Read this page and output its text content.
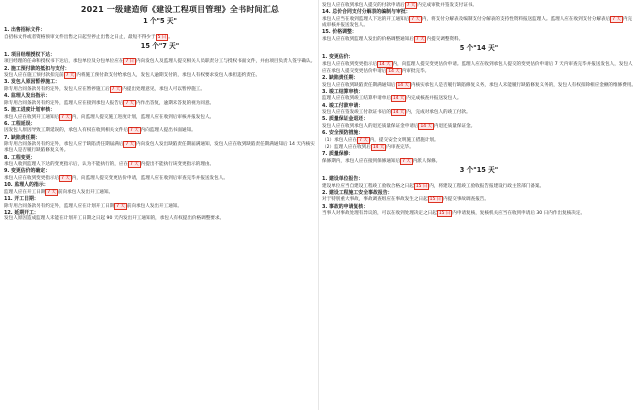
2021 一级建造师《建设工程项目管理》全书时间汇总
1 个"5 天"
1. 出售招标文件：
自招标文件或者资格预审文件出售之日起至停止出售之日止，最短不得少于 5 日 。
15 个"7 天"
1. 项目经理授权下达：
项目经理的任命和授权书下达后，承包单位及分包单位应在 7 日 内向发包人及监理人提交相关人员职责分工与授权书面文件，并由项目负责人签字确认。
2. 施工预付款的抵扣与支付：
发包人应在施工预付款扣完前 7 天 内将施工预付款支付给承包人，发包人逾期支付的，承包人有权要求发包人承担违约责任。
3. 发包人原因暂停施工：
除专用合同条款另有约定外，发包人应在暂停施工后 7 天 内提出处理意见，承包人可以暂停施工。
4. 监理人发出指示：
除专用合同条款另有约定外，监理人应在接到承包人报告后 7 天 内作出答复，逾期未答复的视为同意。
5. 施工进度计划审核：
承包人应在收到开工通知后 7 天 内，向监理人提交施工进度计划，监理人应在收到后审核并报发包人。
6. 工程延误：
因发包人原因导致工期延误的，承包人有权在收到相关文件后 7 天 内向监理人提出书面通知。
7. 缺陷责任期：
除专用合同条款另有约定外，承包人应于缺陷责任期届满后 7 天 内向发包人发出缺陷责任期届满通知，发包人应在收到缺陷责任期满通知后 14 天内核实承包人是否履行缺陷修复义务。
8. 工程变更：
承包人收到监理人下达的变更指示后，认为不能执行的，应在 7 天 内提出不能执行该变更指示的理由。
9. 变更估价的确定：
承包人应在收到变更指示后 7 天 内，向监理人提交变更估价申请，监理人应在收到后审查完毕并报送发包人。
10. 监理人的指示：
监理人应在开工日期 7 天 前向承包人发出开工通知。
11. 开工日期：
除专用合同条款另有约定外，监理人应在计划开工日期 7 天 前向承包人发出开工通知。
12. 延期开工：
发包人原因造成监理人未能在计划开工日期之日起 90 天内发出开工通知的，承包人有权提出价格调整要求。
发包人应在收到承包人提交的付款申请后 7 天 内完成审批并签发支付证书。
14. 总价合同支付分解表的编制与审批：
承包人应当在收到监理人下达的开工通知后 7 天 内，将支付分解表及编制支付分解表的支持性资料报送监理人。监理人应在收到支付分解表后 7 天 内完成审核并报送发包人。
15. 价格调整：
承包人应在收到监理人发出的价格调整通知后 7 天 内提交调整资料。
5 个"14 天"
1. 变更估价：
承包人应在收到变更指示后 14 天 内，向监理人提交变更估价申请。监理人应在收到承包人提交的变更估价申请后 7 天内审查完毕并报送发包人，发包人应在承包人提交变更估价申请后 14 天 内审批完毕。
2. 缺陷责任期：
发包人应在收到缺陷责任期满通知后 14 天 内核实承包人是否履行缺陷修复义务，承包人未能履行缺陷修复义务的，发包人有权扣除相应金额的维修费用。
3. 竣工结算审核：
监理人应在收到竣工结算申请单后 14 天 内完成核查并报送发包人。
4. 竣工付款申请：
发包人应在签发竣工付款证书后的 14 天 内，完成对承包人的竣工付款。
5. 质量保证金退还：
发包人应在收到承包人的退还质量保证金申请后 14 天 内退还质量保证金。
6. 安全预防措施：
（1）承包人应在 7 天 内，提交安全文明施工措施计划。
（2）监理人应在收到后 14 天 内审查完毕。
7. 质量保修：
保修期内，承包人应在接到保修通知后 7 天 内派人保修。
3 个"15 天"
1. 建设单位报告：
建设单位应当自建设工程竣工验收合格之日起 15 日 内，将建设工程竣工验收报告报建设行政主管部门备案。
2. 建设工程施工安全事故报告：
对于特别重大事故，事故调查组应在事故发生之日起 15 日 内提交事故调查报告。
3. 事故的申请复核：
当事人对事故处理有异议的，可以在收到处理决定之日起 15 日 内申请复核，复核机关应当在收到申请后 30 日内作出复核决定。
